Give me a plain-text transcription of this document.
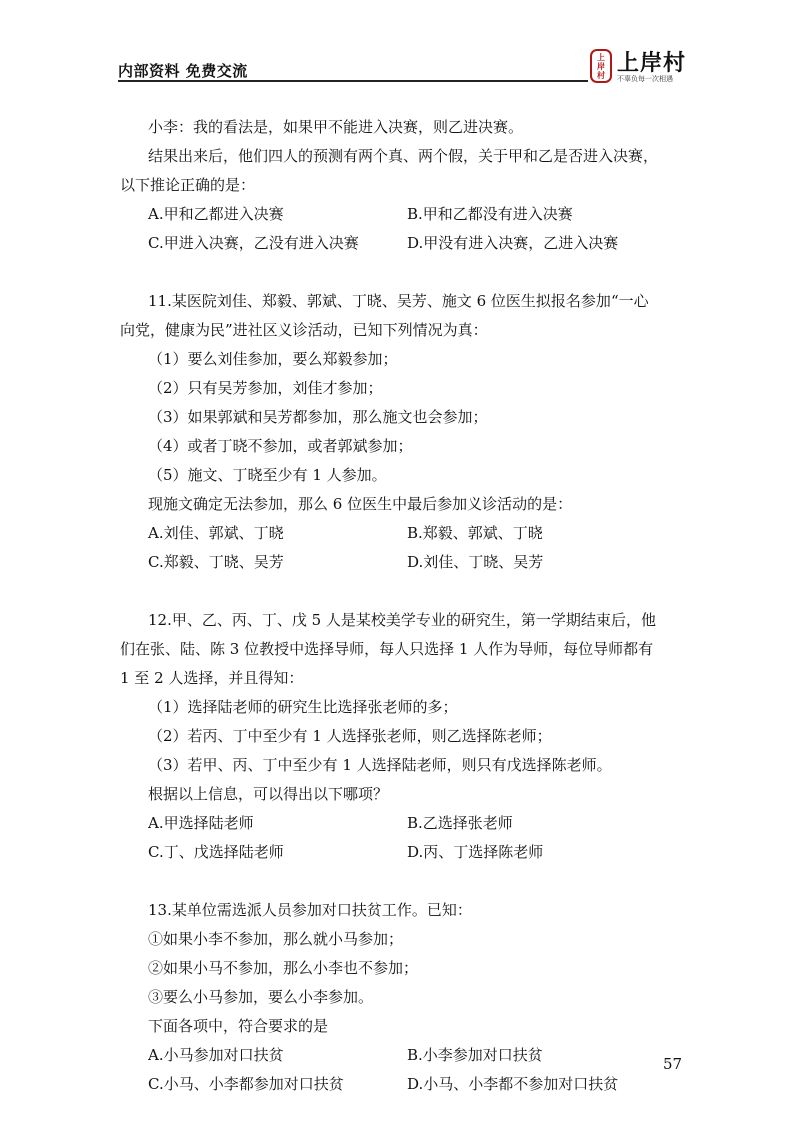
内部资料 免费交流
上
岸
村 上岸村
不辜负每一次相遇
小李：我的看法是，如果甲不能进入决赛，则乙进决赛。
结果出来后，他们四人的预测有两个真、两个假，关于甲和乙是否进入决赛，
以下推论正确的是：
A.甲和乙都进入决赛	B.甲和乙都没有进入决赛
C.甲进入决赛，乙没有进入决赛	D.甲没有进入决赛，乙进入决赛
11.某医院刘佳、郑毅、郭斌、丁晓、吴芳、施文 6 位医生拟报名参加“一心
向党，健康为民”进社区义诊活动，已知下列情况为真：
（1）要么刘佳参加，要么郑毅参加；
（2）只有吴芳参加，刘佳才参加；
（3）如果郭斌和吴芳都参加，那么施文也会参加；
（4）或者丁晓不参加，或者郭斌参加；
（5）施文、丁晓至少有 1 人参加。
现施文确定无法参加，那么 6 位医生中最后参加义诊活动的是：
A.刘佳、郭斌、丁晓	B.郑毅、郭斌、丁晓
C.郑毅、丁晓、吴芳	D.刘佳、丁晓、吴芳
12.甲、乙、丙、丁、戊 5 人是某校美学专业的研究生，第一学期结束后，他
们在张、陆、陈 3 位教授中选择导师，每人只选择 1 人作为导师，每位导师都有
1 至 2 人选择，并且得知：
（1）选择陆老师的研究生比选择张老师的多；
（2）若丙、丁中至少有 1 人选择张老师，则乙选择陈老师；
（3）若甲、丙、丁中至少有 1 人选择陆老师，则只有戊选择陈老师。
根据以上信息，可以得出以下哪项？
A.甲选择陆老师	B.乙选择张老师
C.丁、戊选择陆老师	D.丙、丁选择陈老师
13.某单位需选派人员参加对口扶贫工作。已知：
①如果小李不参加，那么就小马参加；
②如果小马不参加，那么小李也不参加；
③要么小马参加，要么小李参加。
下面各项中，符合要求的是
A.小马参加对口扶贫	B.小李参加对口扶贫
C.小马、小李都参加对口扶贫	D.小马、小李都不参加对口扶贫
57
